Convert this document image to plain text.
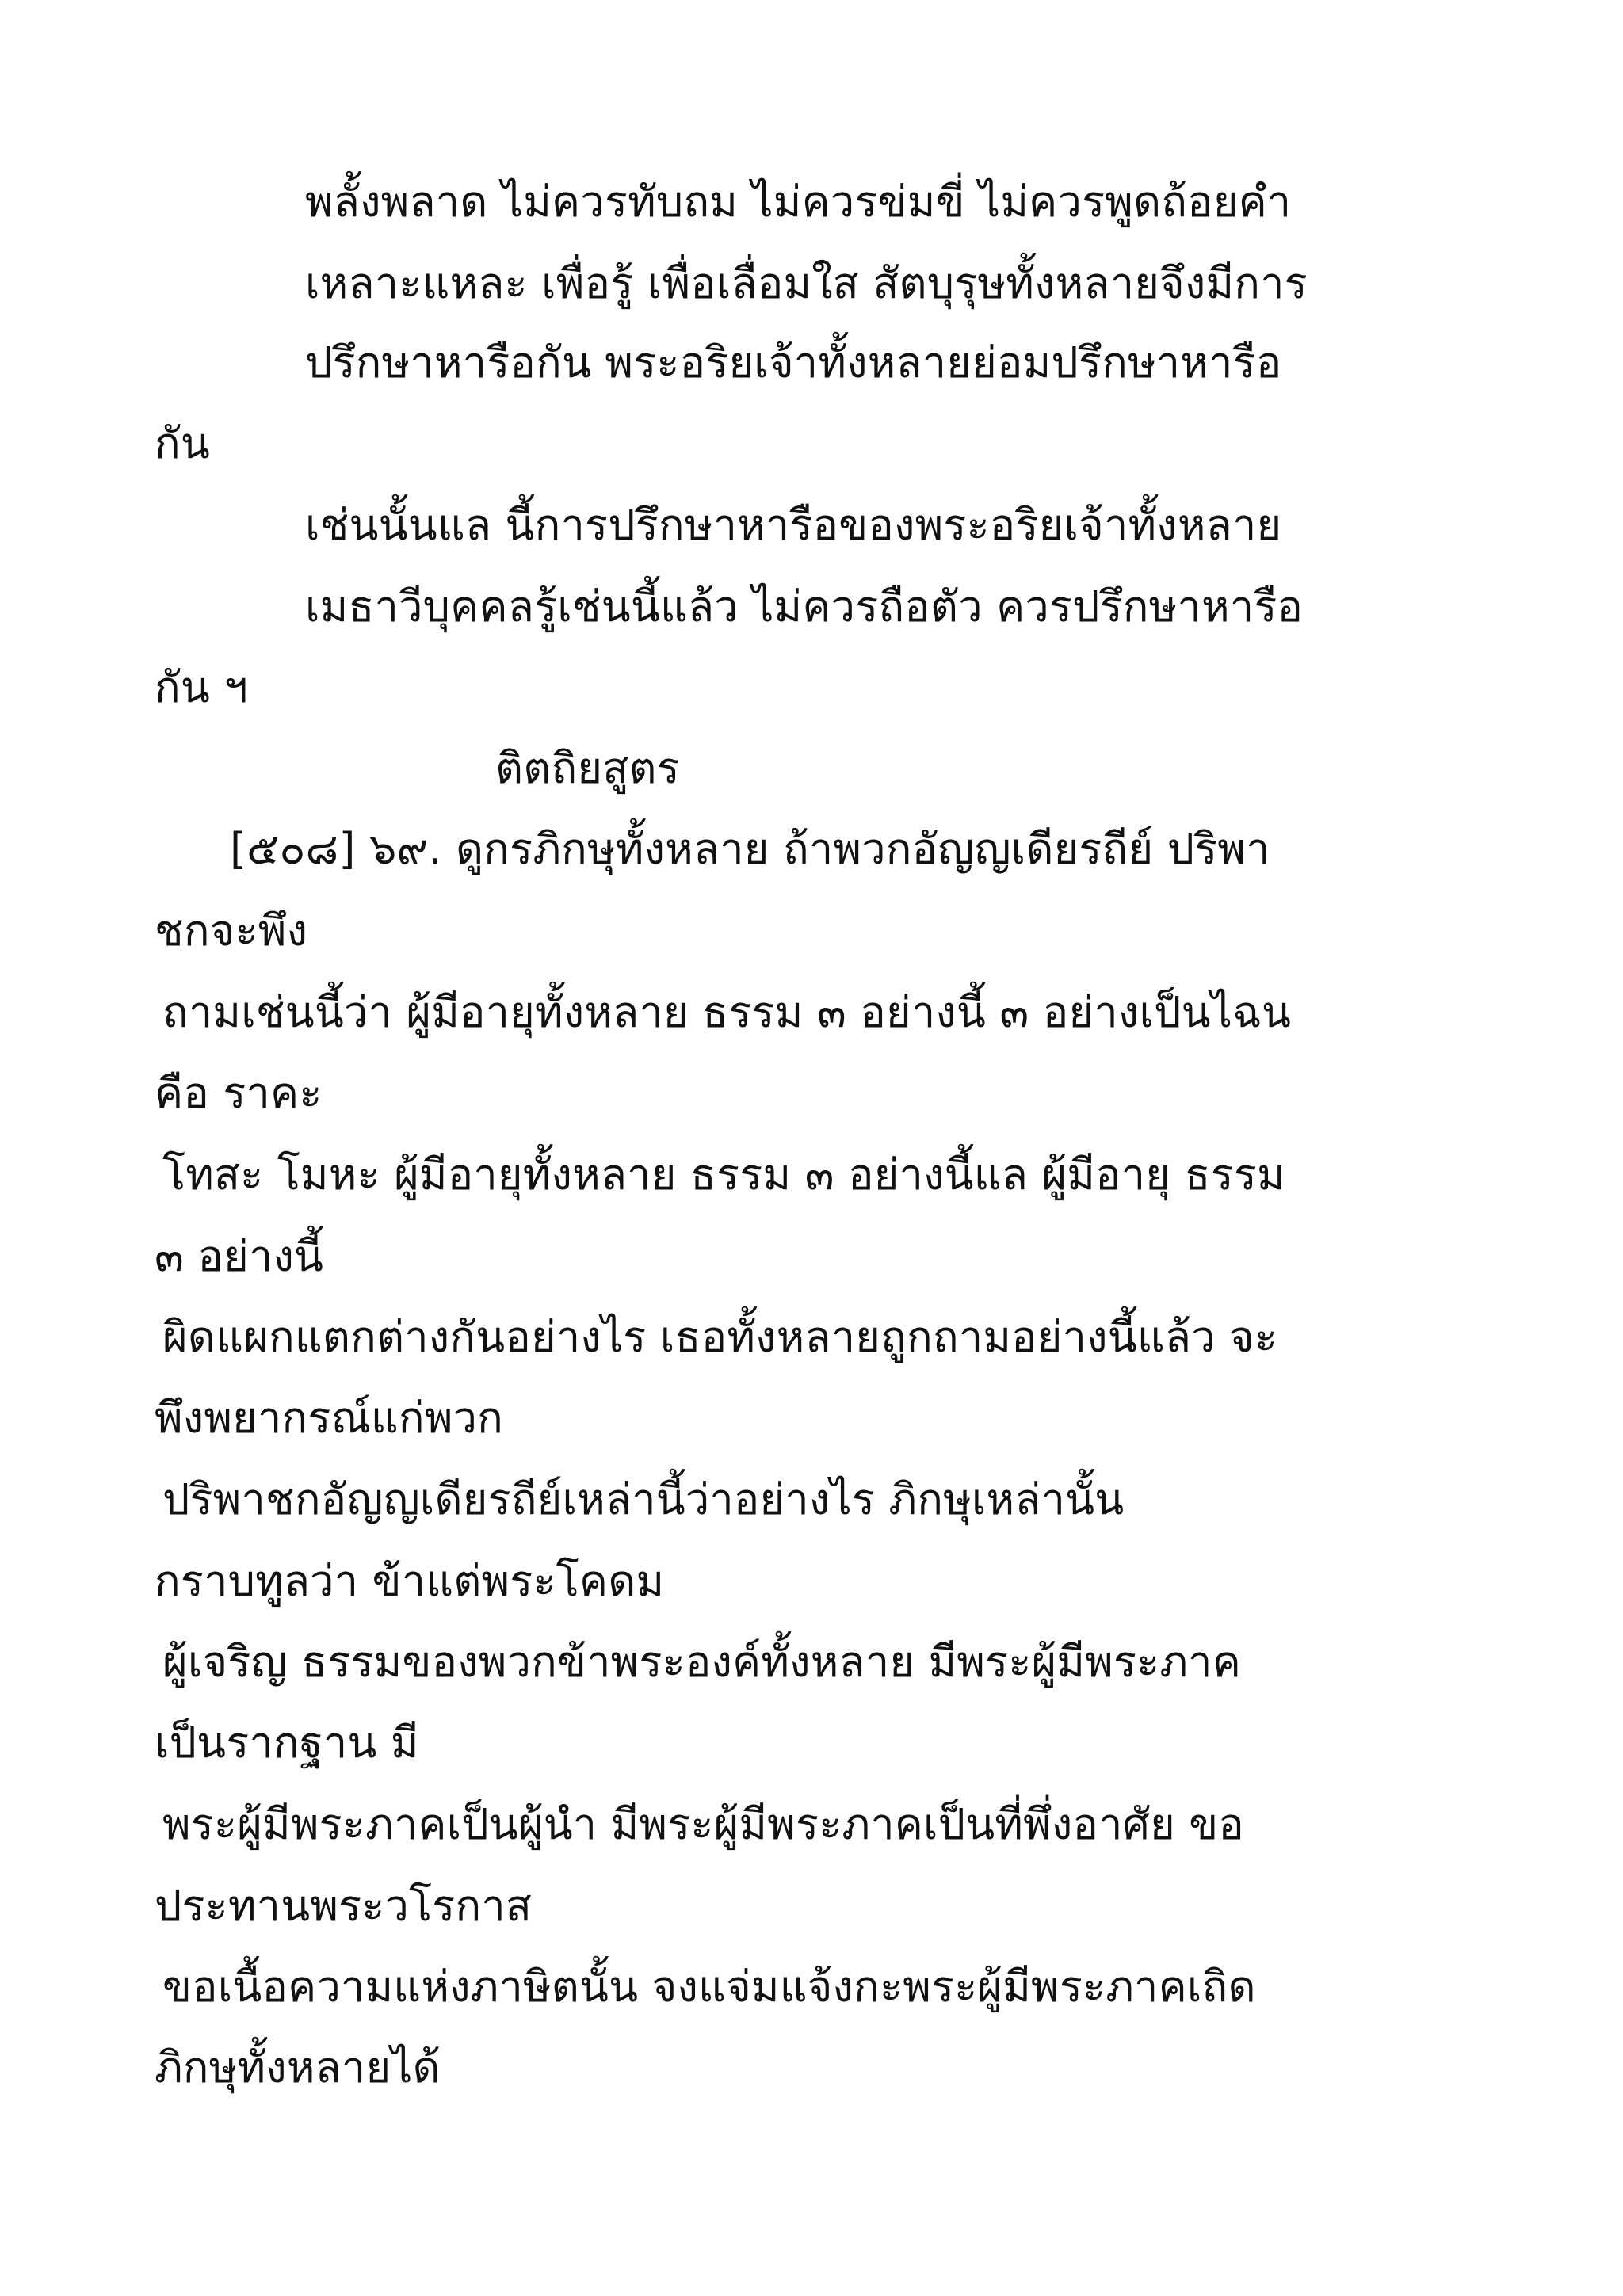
พลั้งพลาด ไม่ควรทับถม ไม่ควรข่มขี่ ไม่ควรพูดถ้อยคำ
เหลาะแหละ เพื่อรู้ เพื่อเลื่อมใส สัตบุรุษทั้งหลายจึงมีการ
ปรึกษาหารือกัน พระอริยเจ้าทั้งหลายย่อมปรึกษาหารือ
กัน
เช่นนั้นแล นี้การปรึกษาหารือของพระอริยเจ้าทั้งหลาย
เมธาวีบุคคลรู้เช่นนี้แล้ว ไม่ควรถือตัว ควรปรึกษาหารือ
กัน ฯ
ติตถิยสูตร
[๕๐๘] ๖๙. ดูกรภิกษุทั้งหลาย ถ้าพวกอัญญเดียรถีย์ ปริพา
ชกจะพึง
ถามเช่นนี้ว่า ผู้มีอายุทั้งหลาย ธรรม ๓ อย่างนี้ ๓ อย่างเป็นไฉน
คือ ราคะ
โทสะ โมหะ ผู้มีอายุทั้งหลาย ธรรม ๓ อย่างนี้แล ผู้มีอายุ ธรรม
๓ อย่างนี้
ผิดแผกแตกต่างกันอย่างไร เธอทั้งหลายถูกถามอย่างนี้แล้ว จะ
พึงพยากรณ์แก่พวก
ปริพาชกอัญญเดียรถีย์เหล่านี้ว่าอย่างไร ภิกษุเหล่านั้น
กราบทูลว่า ข้าแต่พระโคดม
ผู้เจริญ ธรรมของพวกข้าพระองค์ทั้งหลาย มีพระผู้มีพระภาค
เป็นรากฐาน มี
พระผู้มีพระภาคเป็นผู้นำ มีพระผู้มีพระภาคเป็นที่พึ่งอาศัย ขอ
ประทานพระวโรกาส
ขอเนื้อความแห่งภาษิตนั้น จงแจ่มแจ้งกะพระผู้มีพระภาคเถิด
ภิกษุทั้งหลายได้
